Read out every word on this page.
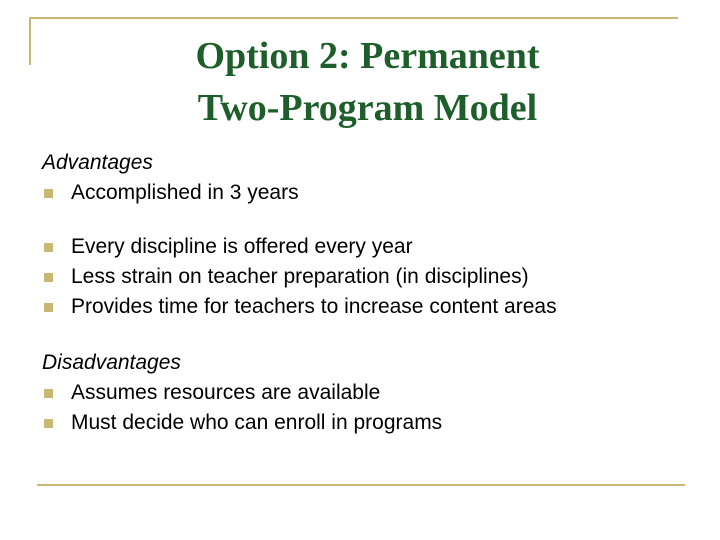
Option 2: Permanent
Two-Program Model
Advantages
Accomplished in 3 years
Every discipline is offered every year
Less strain on teacher preparation (in disciplines)
Provides time for teachers to increase content areas
Disadvantages
Assumes resources are available
Must decide who can enroll in programs
